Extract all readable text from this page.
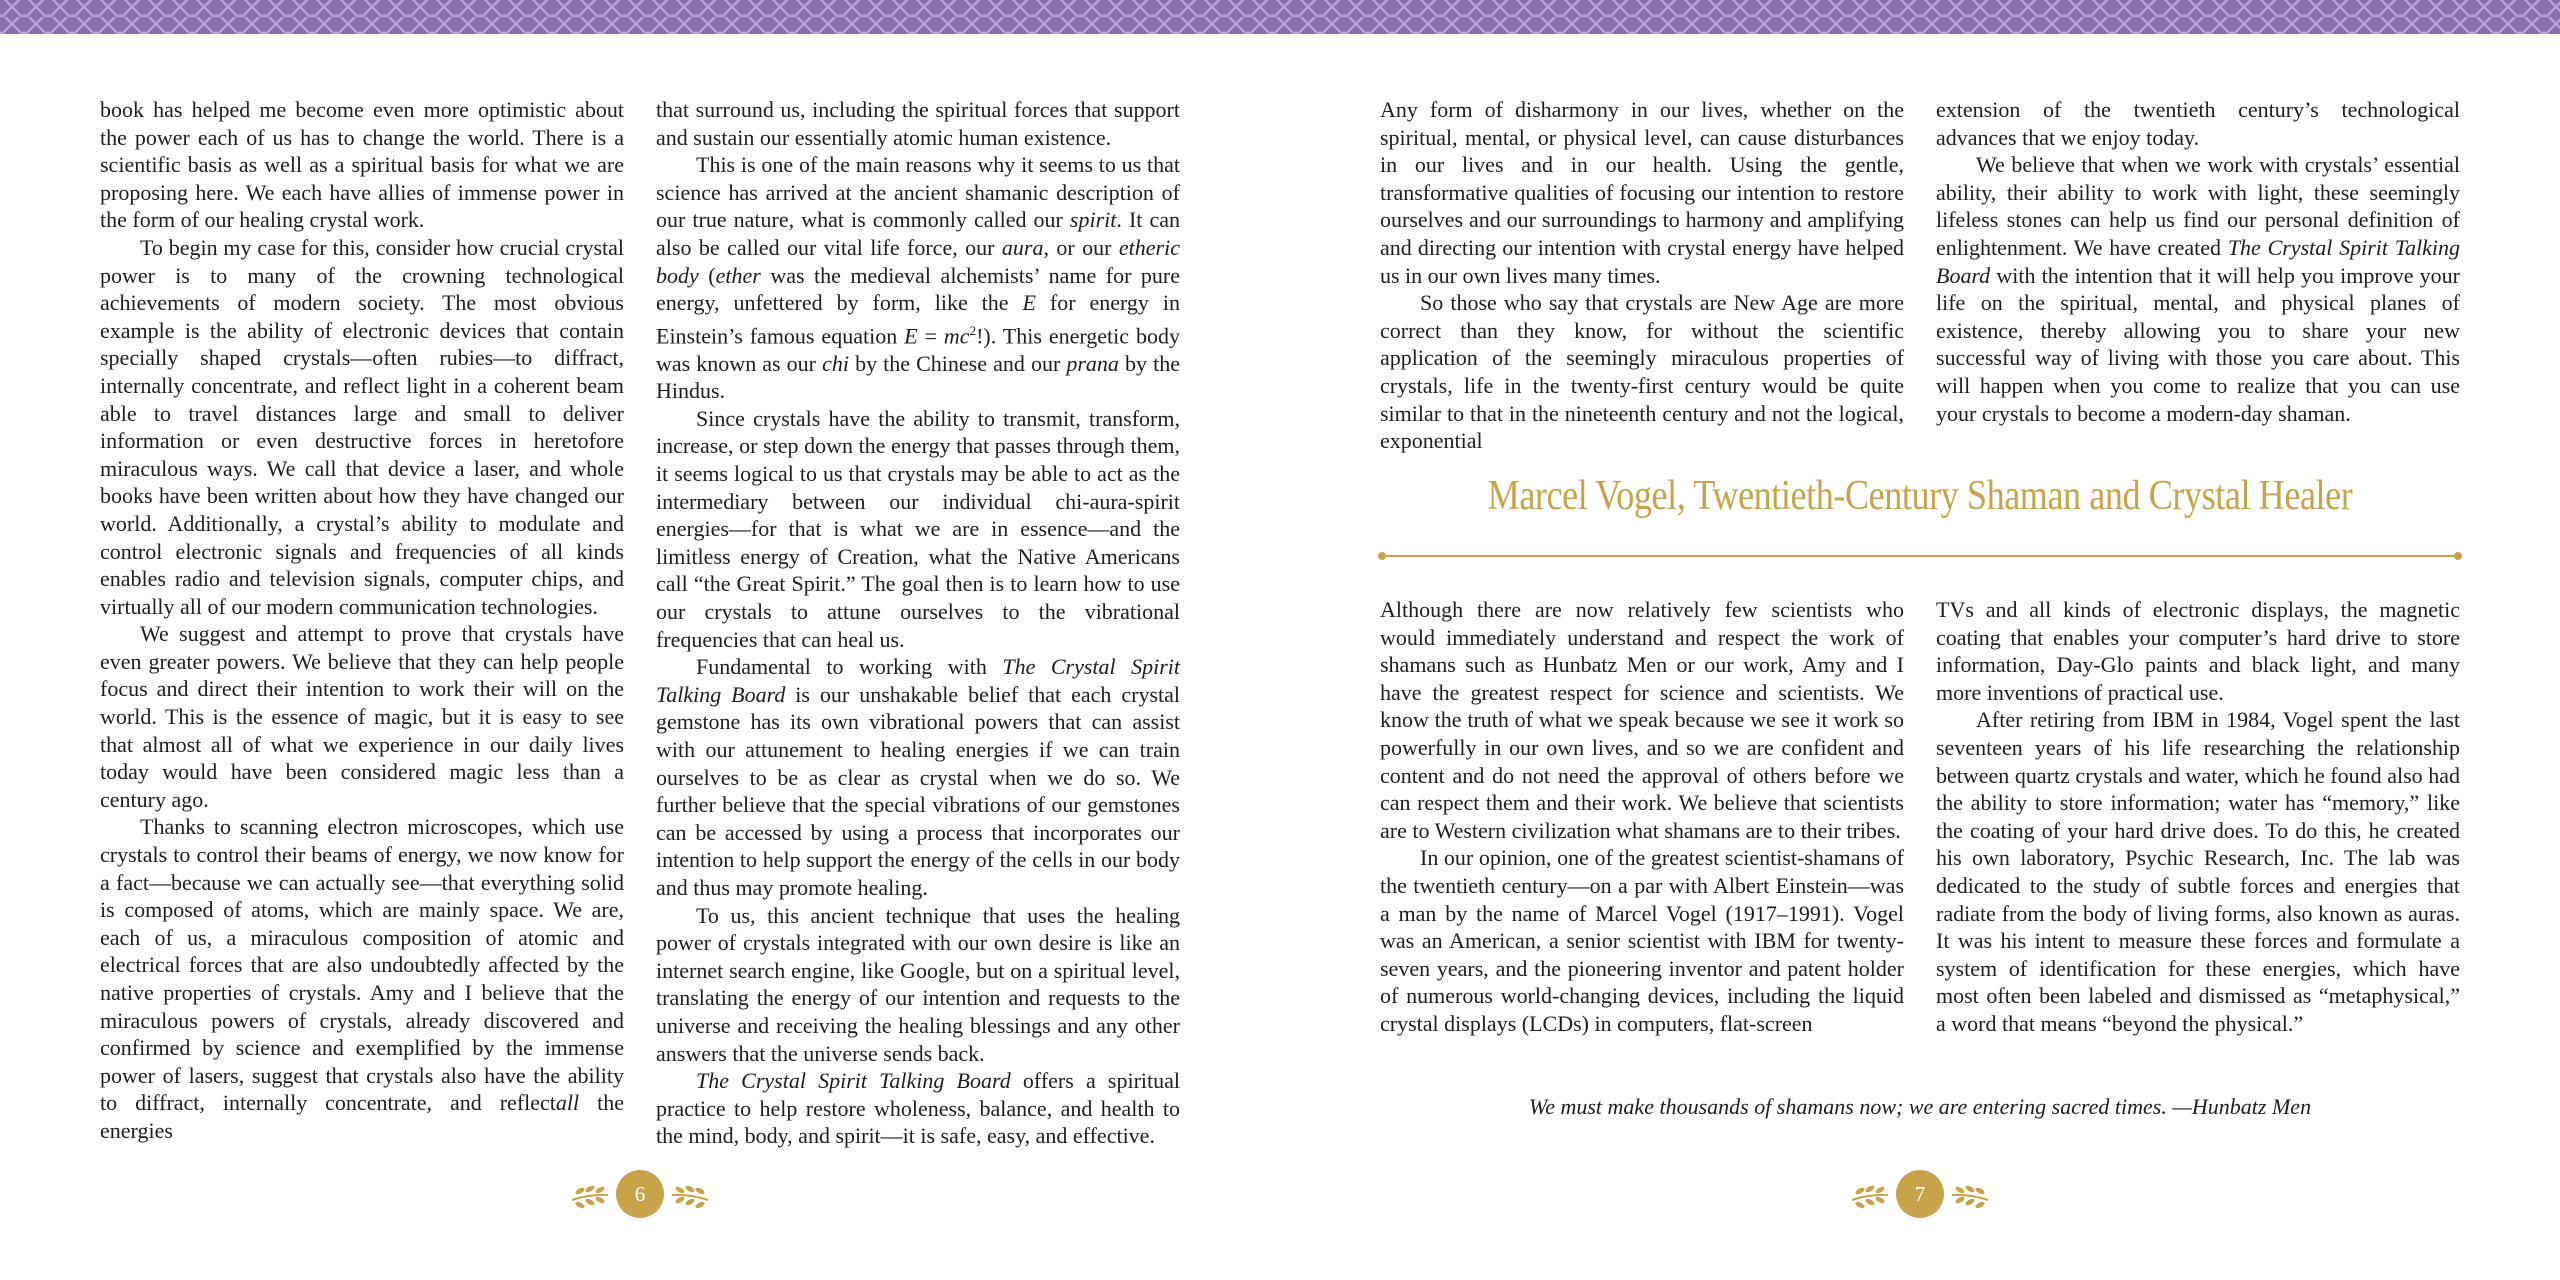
book has helped me become even more optimistic about the power each of us has to change the world. There is a scientific basis as well as a spiritual basis for what we are proposing here. We each have allies of immense power in the form of our healing crystal work.

To begin my case for this, consider how crucial crystal power is to many of the crowning technological achievements of modern society. The most obvious example is the ability of electronic devices that contain specially shaped crystals—often rubies—to diffract, internally concentrate, and reflect light in a coherent beam able to travel distances large and small to deliver information or even destructive forces in heretofore miraculous ways. We call that device a laser, and whole books have been written about how they have changed our world. Additionally, a crystal’s ability to modulate and control electronic signals and frequencies of all kinds enables radio and television signals, computer chips, and virtually all of our modern communication technologies.

We suggest and attempt to prove that crystals have even greater powers. We believe that they can help people focus and direct their intention to work their will on the world. This is the essence of magic, but it is easy to see that almost all of what we experience in our daily lives today would have been considered magic less than a century ago.

Thanks to scanning electron microscopes, which use crystals to control their beams of energy, we now know for a fact—because we can actually see—that everything solid is composed of atoms, which are mainly space. We are, each of us, a miraculous composition of atomic and electrical forces that are also undoubtedly affected by the native properties of crystals. Amy and I believe that the miraculous powers of crystals, already discovered and confirmed by science and exemplified by the immense power of lasers, suggest that crystals also have the ability to diffract, internally concentrate, and reflectall the energies

that surround us, including the spiritual forces that support and sustain our essentially atomic human existence.

This is one of the main reasons why it seems to us that science has arrived at the ancient shamanic description of our true nature, what is commonly called our spirit. It can also be called our vital life force, our aura, or our etheric body (ether was the medieval alchemists’ name for pure energy, unfettered by form, like the E for energy in Einstein’s famous equation $E = mc^2$!). This energetic body was known as our chi by the Chinese and our prana by the Hindus.

Since crystals have the ability to transmit, transform, increase, or step down the energy that passes through them, it seems logical to us that crystals may be able to act as the intermediary between our individual chi-aura-spirit energies—for that is what we are in essence—and the limitless energy of Creation, what the Native Americans call “the Great Spirit.” The goal then is to learn how to use our crystals to attune ourselves to the vibrational frequencies that can heal us.

Fundamental to working with The Crystal Spirit Talking Board is our unshakable belief that each crystal gemstone has its own vibrational powers that can assist with our attunement to healing energies if we can train ourselves to be as clear as crystal when we do so. We further believe that the special vibrations of our gemstones can be accessed by using a process that incorporates our intention to help support the energy of the cells in our body and thus may promote healing.

To us, this ancient technique that uses the healing power of crystals integrated with our own desire is like an internet search engine, like Google, but on a spiritual level, translating the energy of our intention and requests to the universe and receiving the healing blessings and any other answers that the universe sends back.

The Crystal Spirit Talking Board offers a spiritual practice to help restore wholeness, balance, and health to the mind, body, and spirit—it is safe, easy, and effective.

6

Any form of disharmony in our lives, whether on the spiritual, mental, or physical level, can cause disturbances in our lives and in our health. Using the gentle, transformative qualities of focusing our intention to restore ourselves and our surroundings to harmony and amplifying and directing our intention with crystal energy have helped us in our own lives many times.

So those who say that crystals are New Age are more correct than they know, for without the scientific application of the seemingly miraculous properties of crystals, life in the twenty-first century would be quite similar to that in the nineteenth century and not the logical, exponential

extension of the twentieth century’s technological advances that we enjoy today.

We believe that when we work with crystals’ essential ability, their ability to work with light, these seemingly lifeless stones can help us find our personal definition of enlightenment. We have created The Crystal Spirit Talking Board with the intention that it will help you improve your life on the spiritual, mental, and physical planes of existence, thereby allowing you to share your new successful way of living with those you care about. This will happen when you come to realize that you can use your crystals to become a modern-day shaman.

Marcel Vogel, Twentieth-Century Shaman and Crystal Healer

Although there are now relatively few scientists who would immediately understand and respect the work of shamans such as Hunbatz Men or our work, Amy and I have the greatest respect for science and scientists. We know the truth of what we speak because we see it work so powerfully in our own lives, and so we are confident and content and do not need the approval of others before we can respect them and their work. We believe that scientists are to Western civilization what shamans are to their tribes.

In our opinion, one of the greatest scientist-shamans of the twentieth century—on a par with Albert Einstein—was a man by the name of Marcel Vogel (1917–1991). Vogel was an American, a senior scientist with IBM for twenty-seven years, and the pioneering inventor and patent holder of numerous world-changing devices, including the liquid crystal displays (LCDs) in computers, flat-screen

TVs and all kinds of electronic displays, the magnetic coating that enables your computer’s hard drive to store information, Day-Glo paints and black light, and many more inventions of practical use.

After retiring from IBM in 1984, Vogel spent the last seventeen years of his life researching the relationship between quartz crystals and water, which he found also had the ability to store information; water has “memory,” like the coating of your hard drive does. To do this, he created his own laboratory, Psychic Research, Inc. The lab was dedicated to the study of subtle forces and energies that radiate from the body of living forms, also known as auras. It was his intent to measure these forces and formulate a system of identification for these energies, which have most often been labeled and dismissed as “metaphysical,” a word that means “beyond the physical.”

We must make thousands of shamans now; we are entering sacred times. —Hunbatz Men
7
